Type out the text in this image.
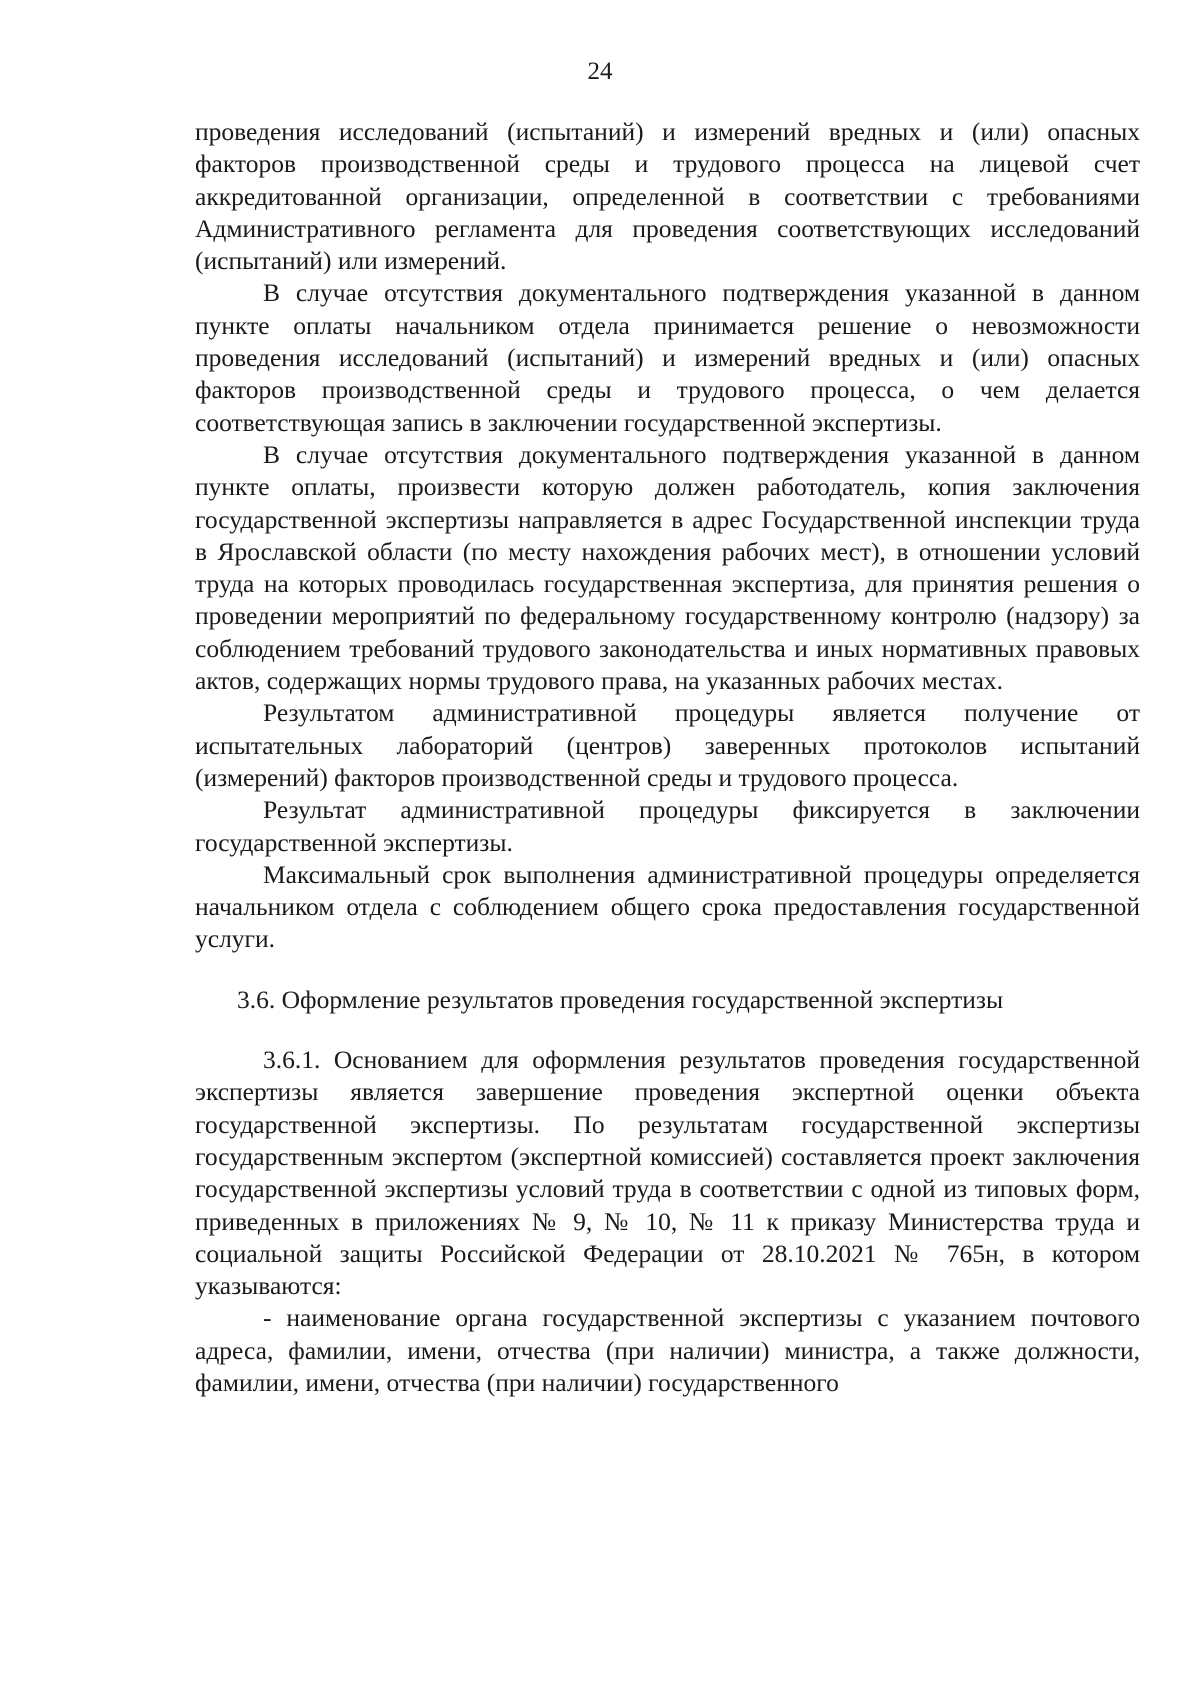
24

проведения исследований (испытаний) и измерений вредных и (или) опасных факторов производственной среды и трудового процесса на лицевой счет аккредитованной организации, определенной в соответствии с требованиями Административного регламента для проведения соответствующих исследований (испытаний) или измерений.

В случае отсутствия документального подтверждения указанной в данном пункте оплаты начальником отдела принимается решение о невозможности проведения исследований (испытаний) и измерений вредных и (или) опасных факторов производственной среды и трудового процесса, о чем делается соответствующая запись в заключении государственной экспертизы.

В случае отсутствия документального подтверждения указанной в данном пункте оплаты, произвести которую должен работодатель, копия заключения государственной экспертизы направляется в адрес Государственной инспекции труда в Ярославской области (по месту нахождения рабочих мест), в отношении условий труда на которых проводилась государственная экспертиза, для принятия решения о проведении мероприятий по федеральному государственному контролю (надзору) за соблюдением требований трудового законодательства и иных нормативных правовых актов, содержащих нормы трудового права, на указанных рабочих местах.

Результатом административной процедуры является получение от испытательных лабораторий (центров) заверенных протоколов испытаний (измерений) факторов производственной среды и трудового процесса.

Результат административной процедуры фиксируется в заключении государственной экспертизы.

Максимальный срок выполнения административной процедуры определяется начальником отдела с соблюдением общего срока предоставления государственной услуги.

3.6. Оформление результатов проведения государственной экспертизы

3.6.1. Основанием для оформления результатов проведения государственной экспертизы является завершение проведения экспертной оценки объекта государственной экспертизы. По результатам государственной экспертизы государственным экспертом (экспертной комиссией) составляется проект заключения государственной экспертизы условий труда в соответствии с одной из типовых форм, приведенных в приложениях № 9, № 10, № 11 к приказу Министерства труда и социальной защиты Российской Федерации от 28.10.2021 № 765н, в котором указываются:

- наименование органа государственной экспертизы с указанием почтового адреса, фамилии, имени, отчества (при наличии) министра, а также должности, фамилии, имени, отчества (при наличии) государственного
